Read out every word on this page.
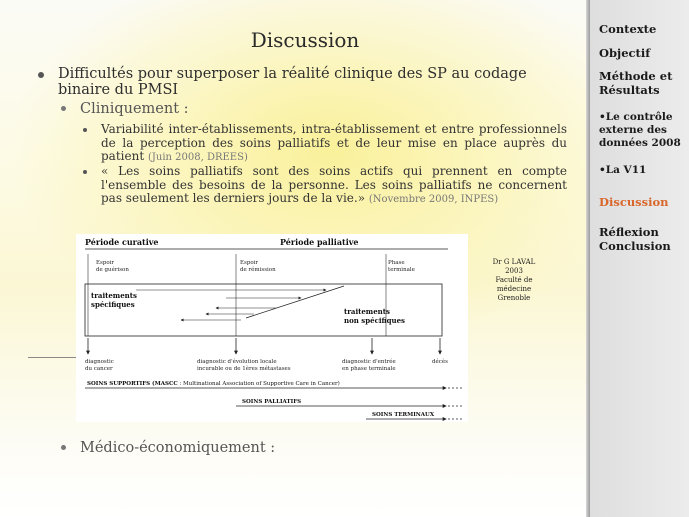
Discussion
Difficultés pour superposer la réalité clinique des SP au codage binaire du PMSI
Cliniquement :
Variabilité inter-établissements, intra-établissement et entre professionnels de la perception des soins palliatifs et de leur mise en place auprès du patient (Juin 2008, DREES)
« Les soins palliatifs sont des soins actifs qui prennent en compte l'ensemble des besoins de la personne. Les soins palliatifs ne concernent pas seulement les derniers jours de la vie.» (Novembre 2009, INPES)
Période curative	Période palliative
Espoir
de guérison
Espoir
de rémission
Phase
terminale
traitements
spécifiques
traitements
non spécifiques
diagnostic
du cancer
diagnostic d'évolution locale
incurable ou de 1ères métastases
diagnostic d'entrée
en phase terminale
décès
SOINS SUPPORTIFS (MASCC : Multinational Association of Supportive Care in Cancer)
SOINS PALLIATIFS
SOINS TERMINAUX
Dr G LAVAL
2003
Faculté de médecine
Grenoble
Médico-économiquement :
Contexte
Objectif
Méthode et
Résultats
•Le contrôle
externe des
données 2008
•La V11
Discussion
Réflexion
Conclusion
